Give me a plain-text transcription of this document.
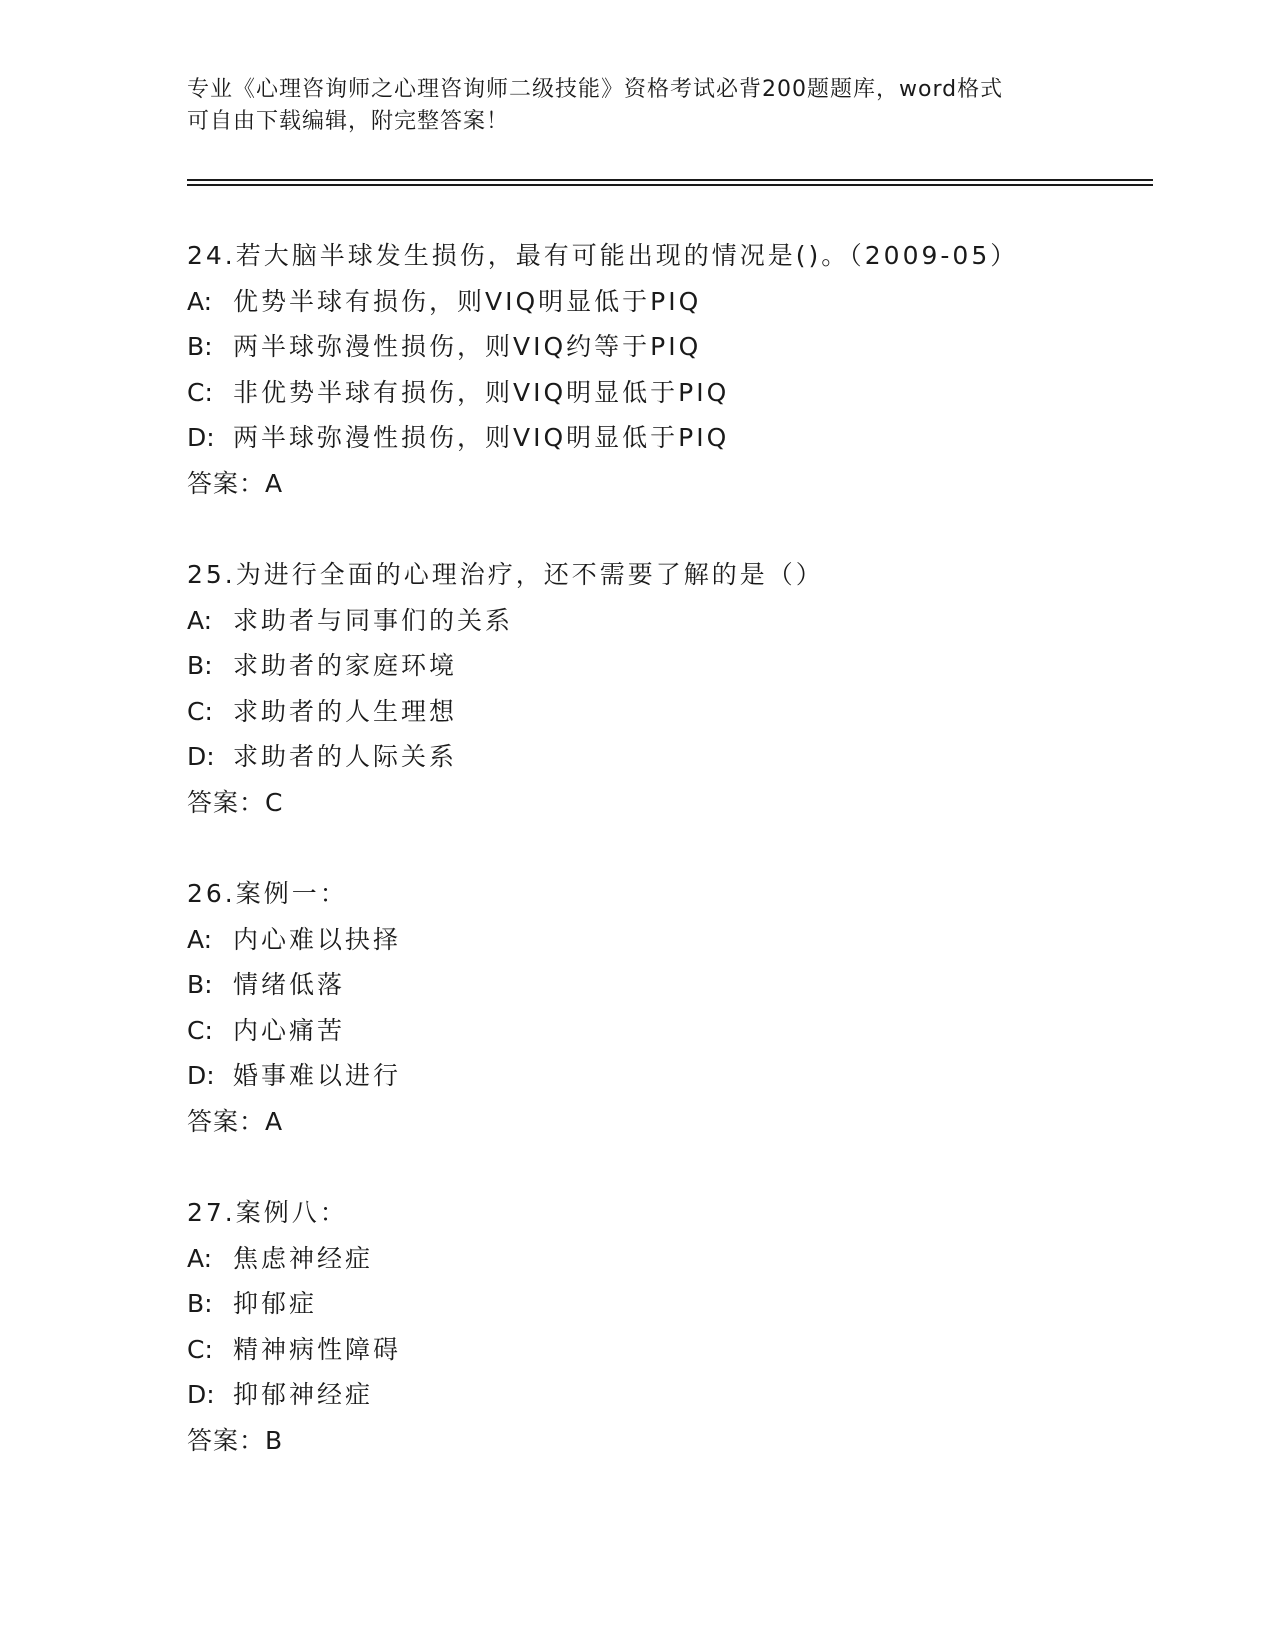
专业《心理咨询师之心理咨询师二级技能》资格考试必背200题题库，word格式
可自由下载编辑，附完整答案！
24.若大脑半球发生损伤，最有可能出现的情况是()。（2009-05）
A: 优势半球有损伤，则VIQ明显低于PIQ
B: 两半球弥漫性损伤，则VIQ约等于PIQ
C: 非优势半球有损伤，则VIQ明显低于PIQ
D: 两半球弥漫性损伤，则VIQ明显低于PIQ
答案：A
25.为进行全面的心理治疗，还不需要了解的是（）
A: 求助者与同事们的关系
B: 求助者的家庭环境
C: 求助者的人生理想
D: 求助者的人际关系
答案：C
26.案例一：
A: 内心难以抉择
B: 情绪低落
C: 内心痛苦
D: 婚事难以进行
答案：A
27.案例八：
A: 焦虑神经症
B: 抑郁症
C: 精神病性障碍
D: 抑郁神经症
答案：B
